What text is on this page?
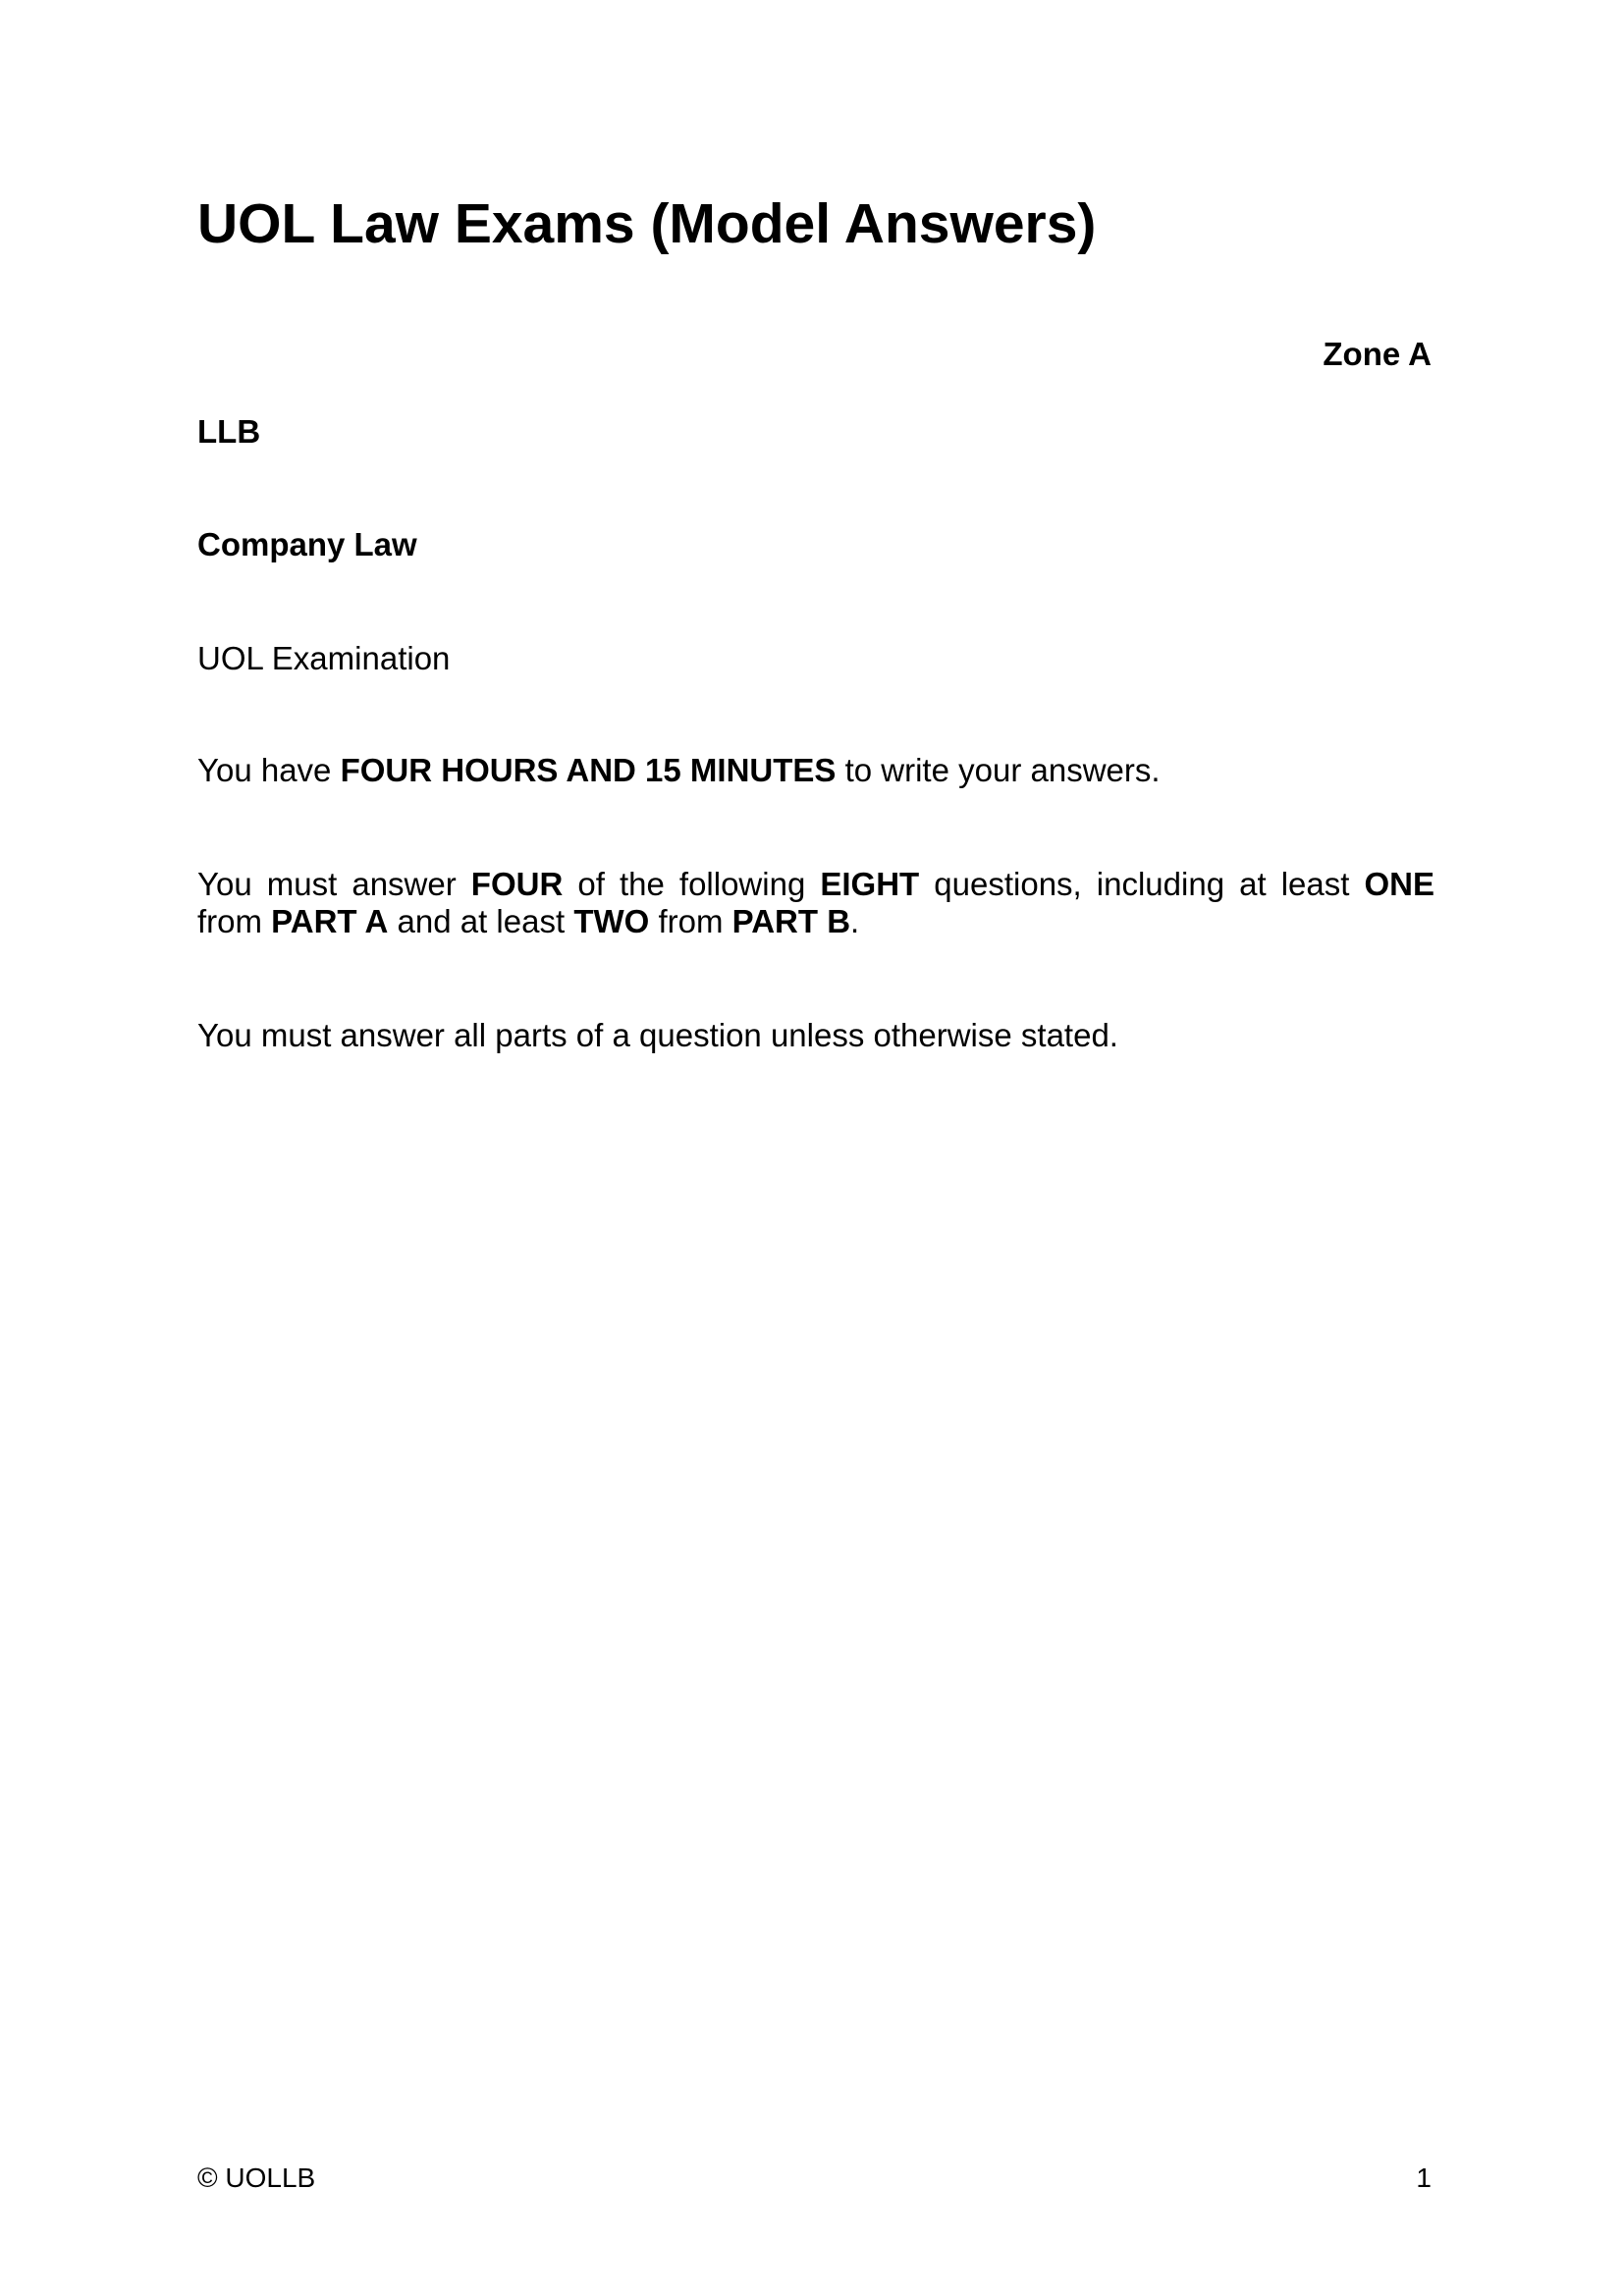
UOL Law Exams (Model Answers)
Zone A
LLB
Company Law
UOL Examination

You have FOUR HOURS AND 15 MINUTES to write your answers.

You must answer FOUR of the following EIGHT questions, including at least ONE from PART A and at least TWO from PART B.

You must answer all parts of a question unless otherwise stated.

© UOLLB	1
